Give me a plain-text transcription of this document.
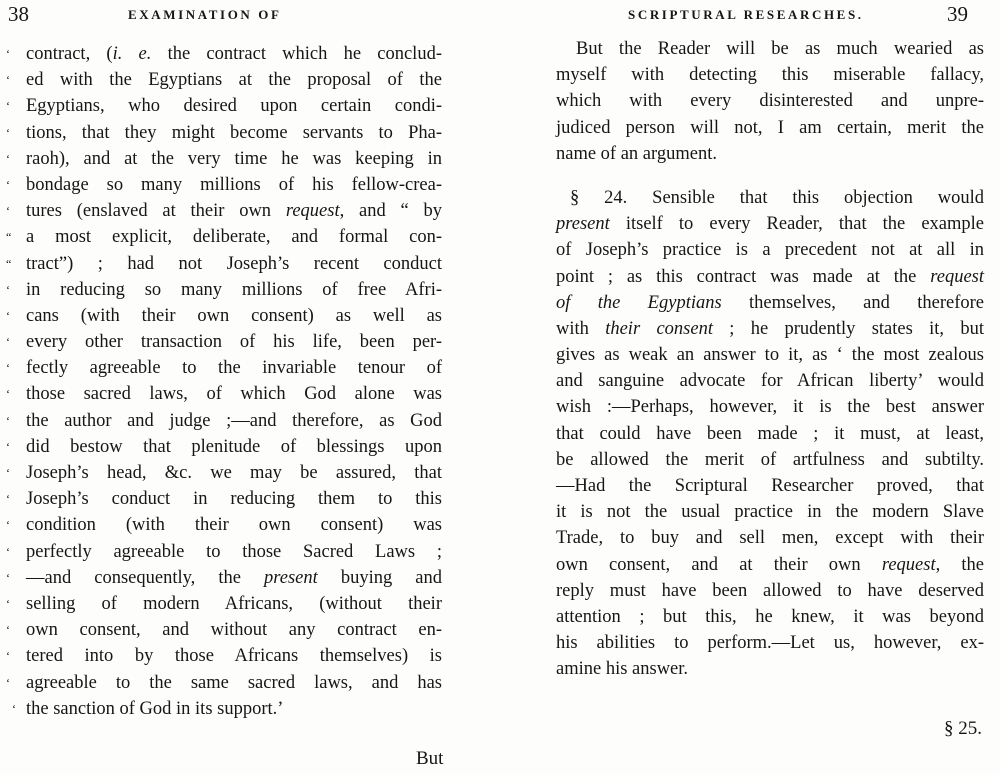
38	EXAMINATION OF
‘ contract, (i. e. the contract which he conclud-
‘ ed with the Egyptians at the proposal of the
‘ Egyptians, who desired upon certain condi-
‘ tions, that they might become servants to Pha-
‘ raoh), and at the very time he was keeping in
‘ bondage so many millions of his fellow-crea-
‘ tures (enslaved at their own request, and “ by
“ a most explicit, deliberate, and formal con-
“ tract”) ; had not Joseph’s recent conduct
‘ in reducing so many millions of free Afri-
‘ cans (with their own consent) as well as
‘ every other transaction of his life, been per-
‘ fectly agreeable to the invariable tenour of
‘ those sacred laws, of which God alone was
‘ the author and judge ;—and therefore, as God
‘ did bestow that plenitude of blessings upon
‘ Joseph’s head, &c. we may be assured, that
‘ Joseph’s conduct in reducing them to this
‘ condition (with their own consent) was
‘ perfectly agreeable to those Sacred Laws ;
‘ —and consequently, the present buying and
‘ selling of modern Africans, (without their
‘ own consent, and without any contract en-
‘ tered into by those Africans themselves) is
‘ agreeable to the same sacred laws, and has
‘ the sanction of God in its support.’
But
SCRIPTURAL RESEARCHES.	39
But the Reader will be as much wearied as
myself with detecting this miserable fallacy,
which with every disinterested and unpre-
judiced person will not, I am certain, merit the
name of an argument.
§ 24. Sensible that this objection would
present itself to every Reader, that the example
of Joseph’s practice is a precedent not at all in
point ; as this contract was made at the request
of the Egyptians themselves, and therefore
with their consent ; he prudently states it, but
gives as weak an answer to it, as ‘ the most zealous
and sanguine advocate for African liberty’ would
wish :—Perhaps, however, it is the best answer
that could have been made ; it must, at least,
be allowed the merit of artfulness and subtilty.
—Had the Scriptural Researcher proved, that
it is not the usual practice in the modern Slave
Trade, to buy and sell men, except with their
own consent, and at their own request, the
reply must have been allowed to have deserved
attention ; but this, he knew, it was beyond
his abilities to perform.—Let us, however, ex-
amine his answer.
§ 25.
